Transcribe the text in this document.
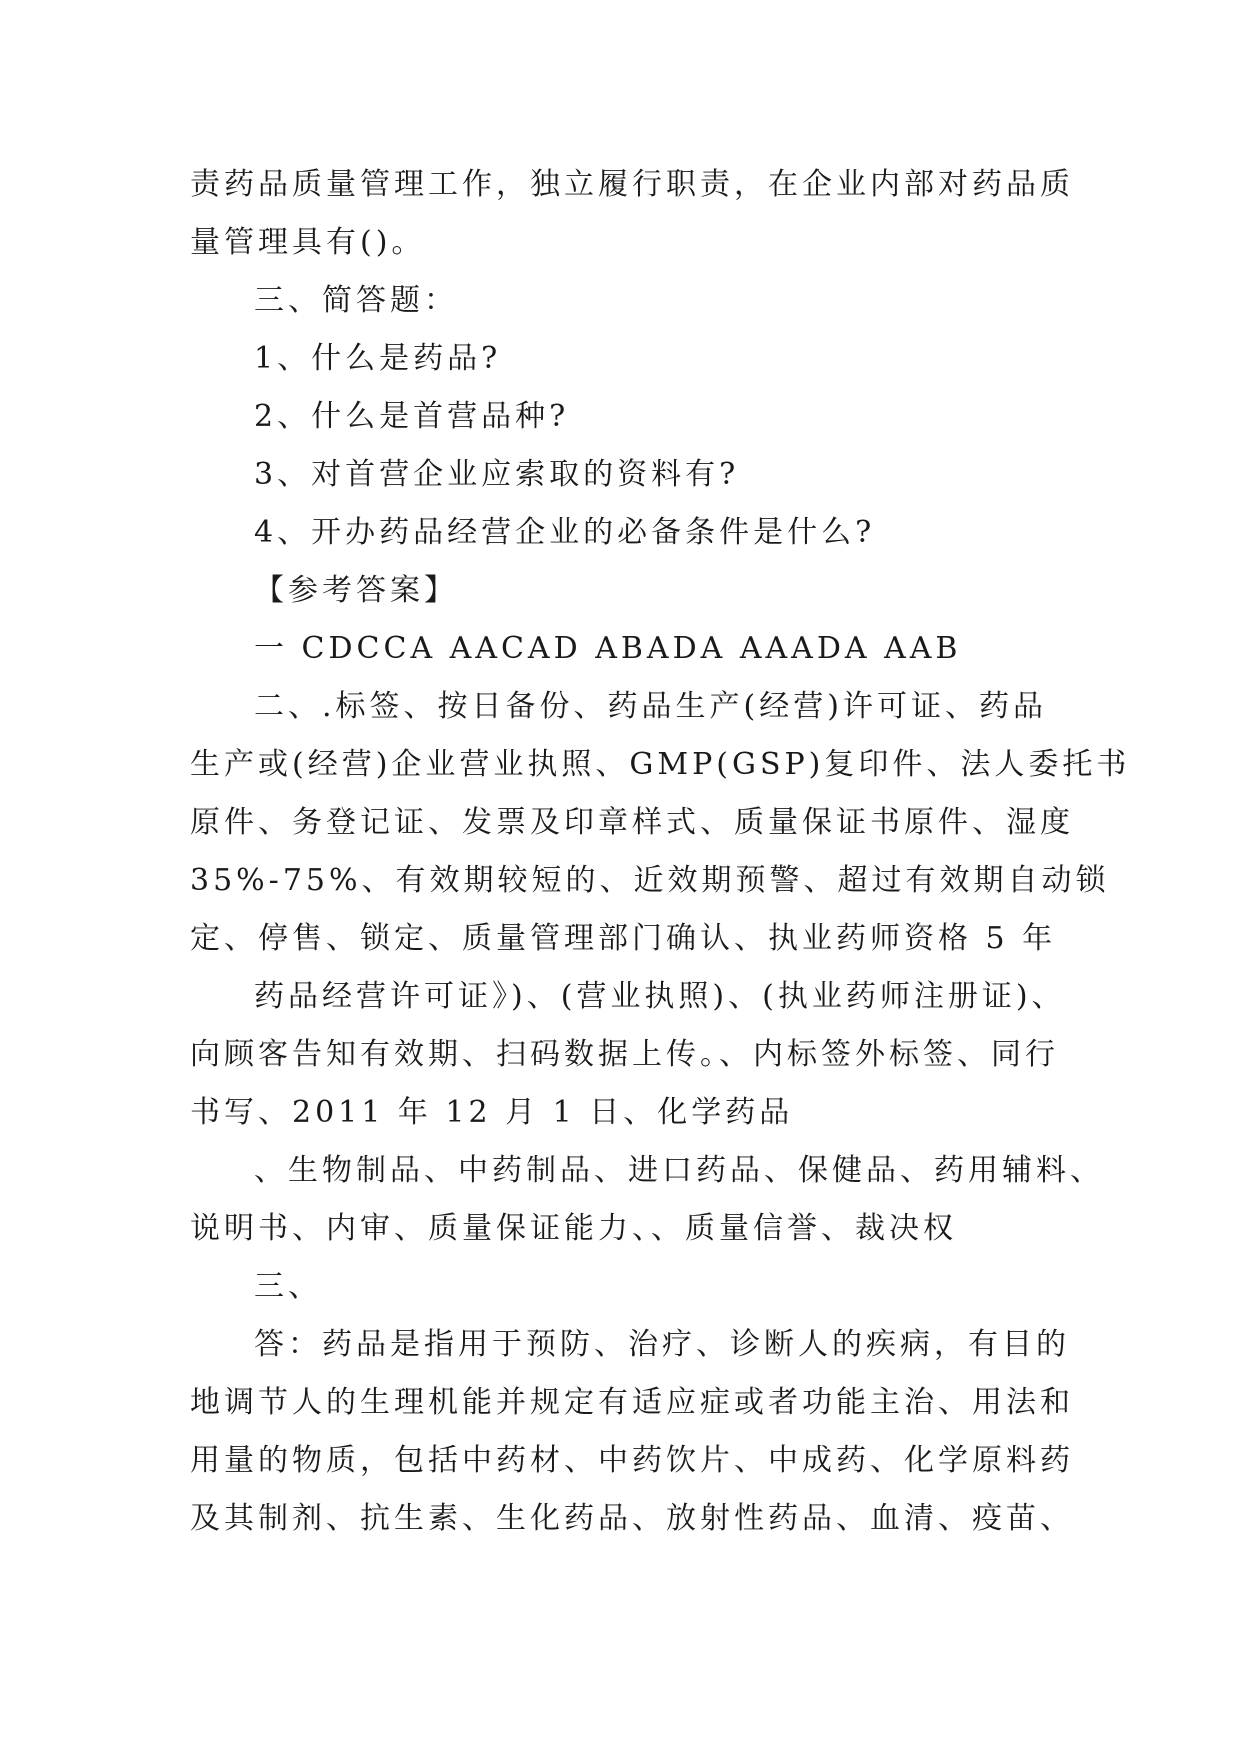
责药品质量管理工作，独立履行职责，在企业内部对药品质
量管理具有()。
三、简答题：
1、什么是药品?
2、什么是首营品种?
3、对首营企业应索取的资料有?
4、开办药品经营企业的必备条件是什么?
【参考答案】
一 CDCCA AACAD ABADA AAADA AAB
二、.标签、按日备份、药品生产(经营)许可证、药品
生产或(经营)企业营业执照、GMP(GSP)复印件、法人委托书
原件、务登记证、发票及印章样式、质量保证书原件、湿度
35%-75%、有效期较短的、近效期预警、超过有效期自动锁
定、停售、锁定、质量管理部门确认、执业药师资格 5 年
药品经营许可证》)、(营业执照)、(执业药师注册证)、
向顾客告知有效期、扫码数据上传。、内标签外标签、同行
书写、2011 年 12 月 1 日、化学药品
、生物制品、中药制品、进口药品、保健品、药用辅料、
说明书、内审、质量保证能力、、质量信誉、裁决权
三、
答：药品是指用于预防、治疗、诊断人的疾病，有目的
地调节人的生理机能并规定有适应症或者功能主治、用法和
用量的物质，包括中药材、中药饮片、中成药、化学原料药
及其制剂、抗生素、生化药品、放射性药品、血清、疫苗、
